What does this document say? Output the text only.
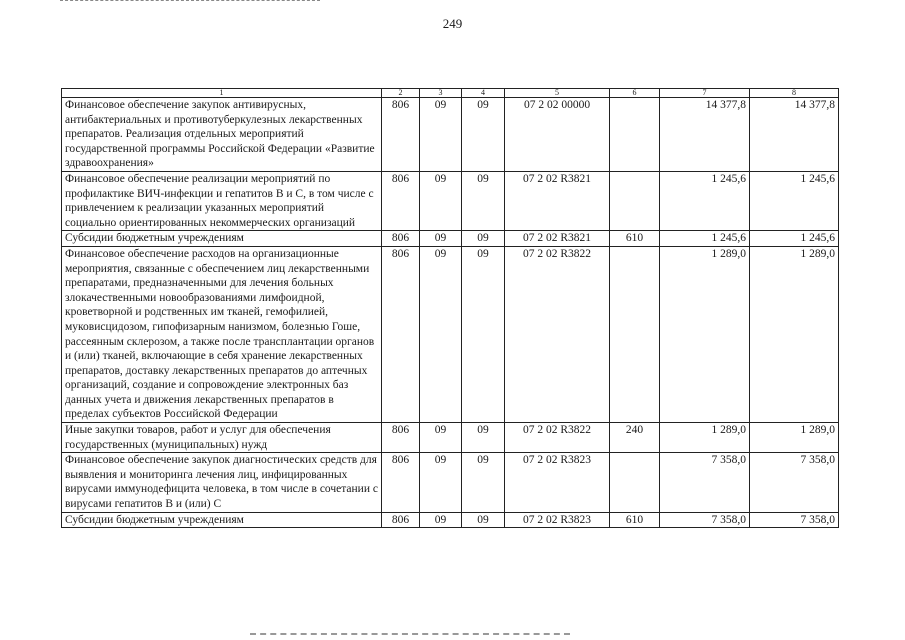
249
1	2	3	4	5	6	7	8
Финансовое обеспечение закупок антивирусных, антибактериальных и противотуберкулезных лекарственных препаратов. Реализация отдельных мероприятий государственной программы Российской Федерации «Развитие здравоохранения»	806	09	09	07 2 02 00000		14 377,8	14 377,8
Финансовое обеспечение реализации мероприятий по профилактике ВИЧ-инфекции и гепатитов B и C, в том числе с привлечением к реализации указанных мероприятий социально ориентированных некоммерческих организаций	806	09	09	07 2 02 R3821		1 245,6	1 245,6
Субсидии бюджетным учреждениям	806	09	09	07 2 02 R3821	610	1 245,6	1 245,6
Финансовое обеспечение расходов на организационные мероприятия, связанные с обеспечением лиц лекарственными препаратами, предназначенными для лечения больных злокачественными новообразованиями лимфоидной, кроветворной и родственных им тканей, гемофилией, муковисцидозом, гипофизарным нанизмом, болезнью Гоше, рассеянным склерозом, а также после трансплантации органов и (или) тканей, включающие в себя хранение лекарственных препаратов, доставку лекарственных препаратов до аптечных организаций, создание и сопровождение электронных баз данных учета и движения лекарственных препаратов в пределах субъектов Российской Федерации	806	09	09	07 2 02 R3822		1 289,0	1 289,0
Иные закупки товаров, работ и услуг для обеспечения государственных (муниципальных) нужд	806	09	09	07 2 02 R3822	240	1 289,0	1 289,0
Финансовое обеспечение закупок диагностических средств для выявления и мониторинга лечения лиц, инфицированных вирусами иммунодефицита человека, в том числе в сочетании с вирусами гепатитов B и (или) C	806	09	09	07 2 02 R3823		7 358,0	7 358,0
Субсидии бюджетным учреждениям	806	09	09	07 2 02 R3823	610	7 358,0	7 358,0
